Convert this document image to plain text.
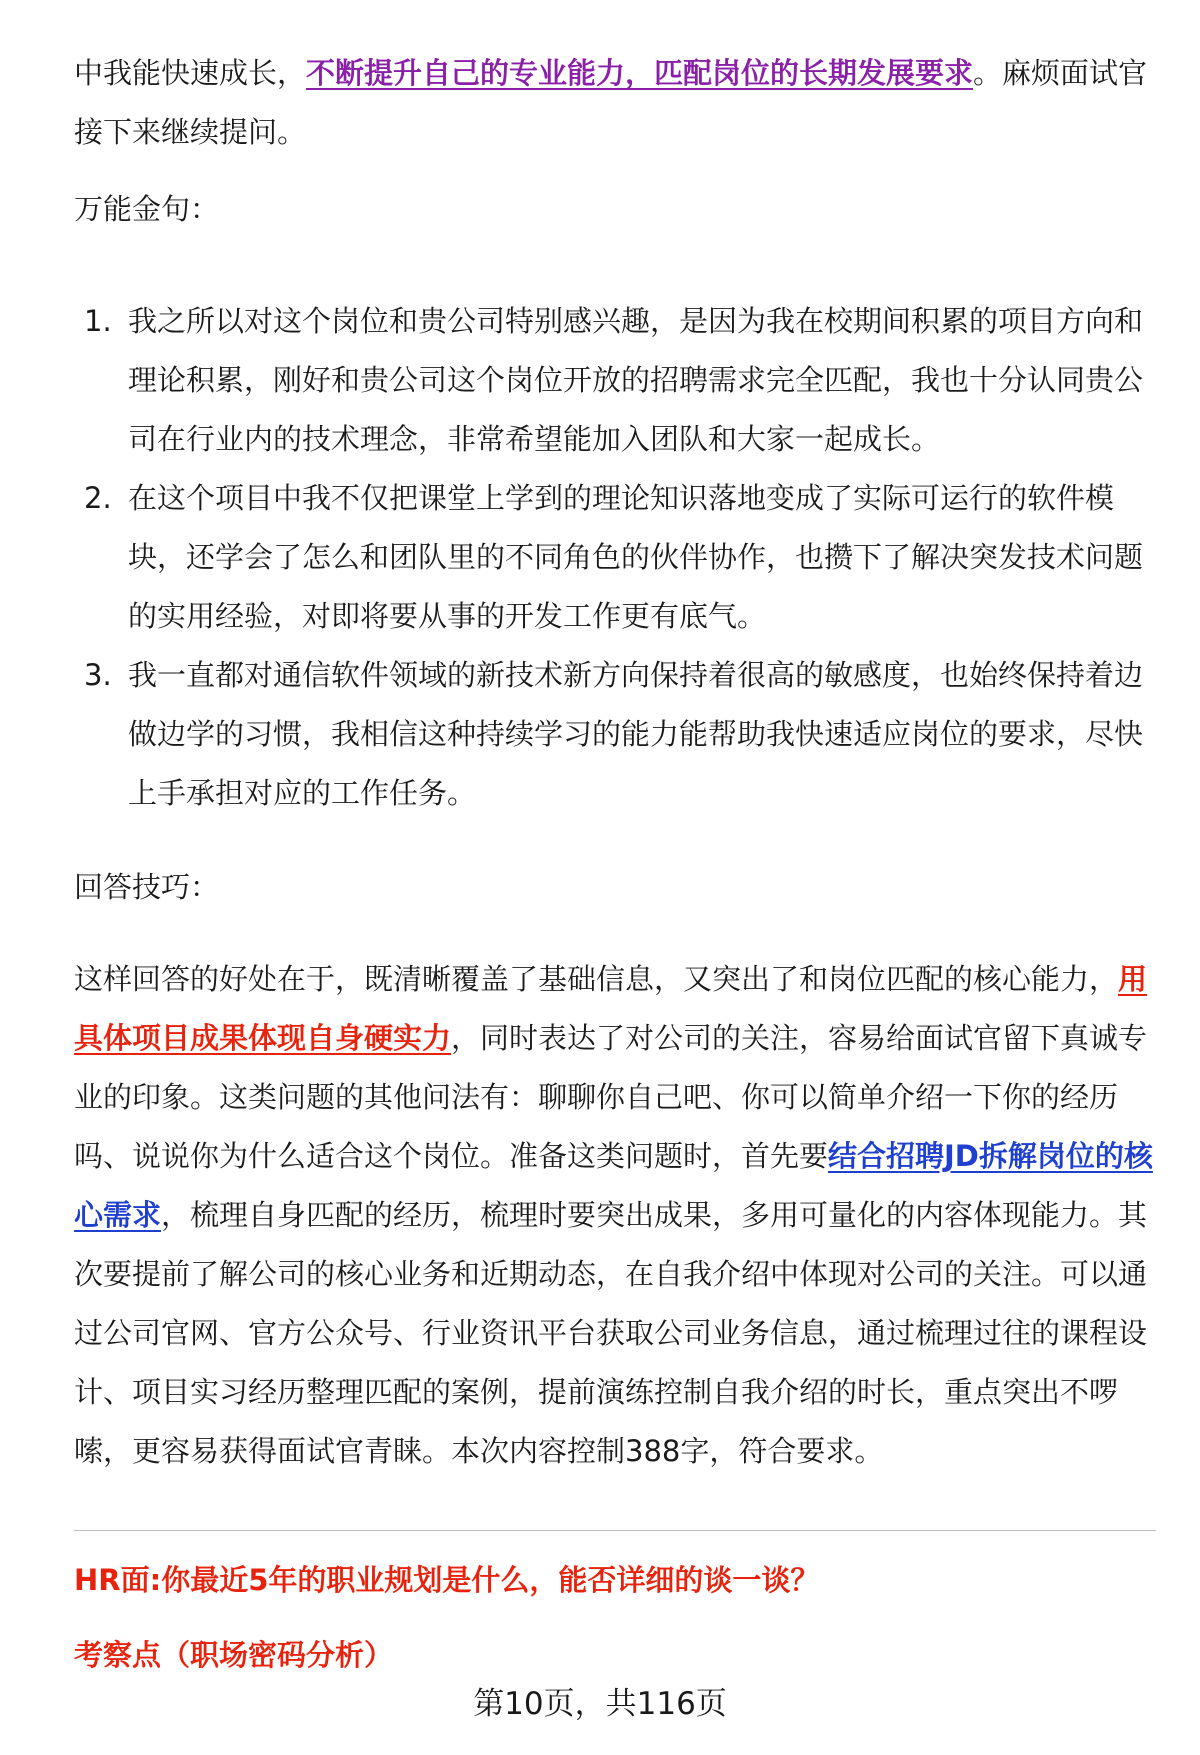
中我能快速成长，不断提升自己的专业能力，匹配岗位的长期发展要求。麻烦面试官接下来继续提问。

万能金句：

1. 我之所以对这个岗位和贵公司特别感兴趣，是因为我在校期间积累的项目方向和理论积累，刚好和贵公司这个岗位开放的招聘需求完全匹配，我也十分认同贵公司在行业内的技术理念，非常希望能加入团队和大家一起成长。
2. 在这个项目中我不仅把课堂上学到的理论知识落地变成了实际可运行的软件模块，还学会了怎么和团队里的不同角色的伙伴协作，也攒下了解决突发技术问题的实用经验，对即将要从事的开发工作更有底气。
3. 我一直都对通信软件领域的新技术新方向保持着很高的敏感度，也始终保持着边做边学的习惯，我相信这种持续学习的能力能帮助我快速适应岗位的要求，尽快上手承担对应的工作任务。

回答技巧：

这样回答的好处在于，既清晰覆盖了基础信息，又突出了和岗位匹配的核心能力，用具体项目成果体现自身硬实力，同时表达了对公司的关注，容易给面试官留下真诚专业的印象。这类问题的其他问法有：聊聊你自己吧、你可以简单介绍一下你的经历吗、说说你为什么适合这个岗位。准备这类问题时，首先要结合招聘JD拆解岗位的核心需求，梳理自身匹配的经历，梳理时要突出成果，多用可量化的内容体现能力。其次要提前了解公司的核心业务和近期动态，在自我介绍中体现对公司的关注。可以通过公司官网、官方公众号、行业资讯平台获取公司业务信息，通过梳理过往的课程设计、项目实习经历整理匹配的案例，提前演练控制自我介绍的时长，重点突出不啰嗦，更容易获得面试官青睐。本次内容控制388字，符合要求。

HR面:你最近5年的职业规划是什么，能否详细的谈一谈？

考察点（职场密码分析）

第10页，共116页
